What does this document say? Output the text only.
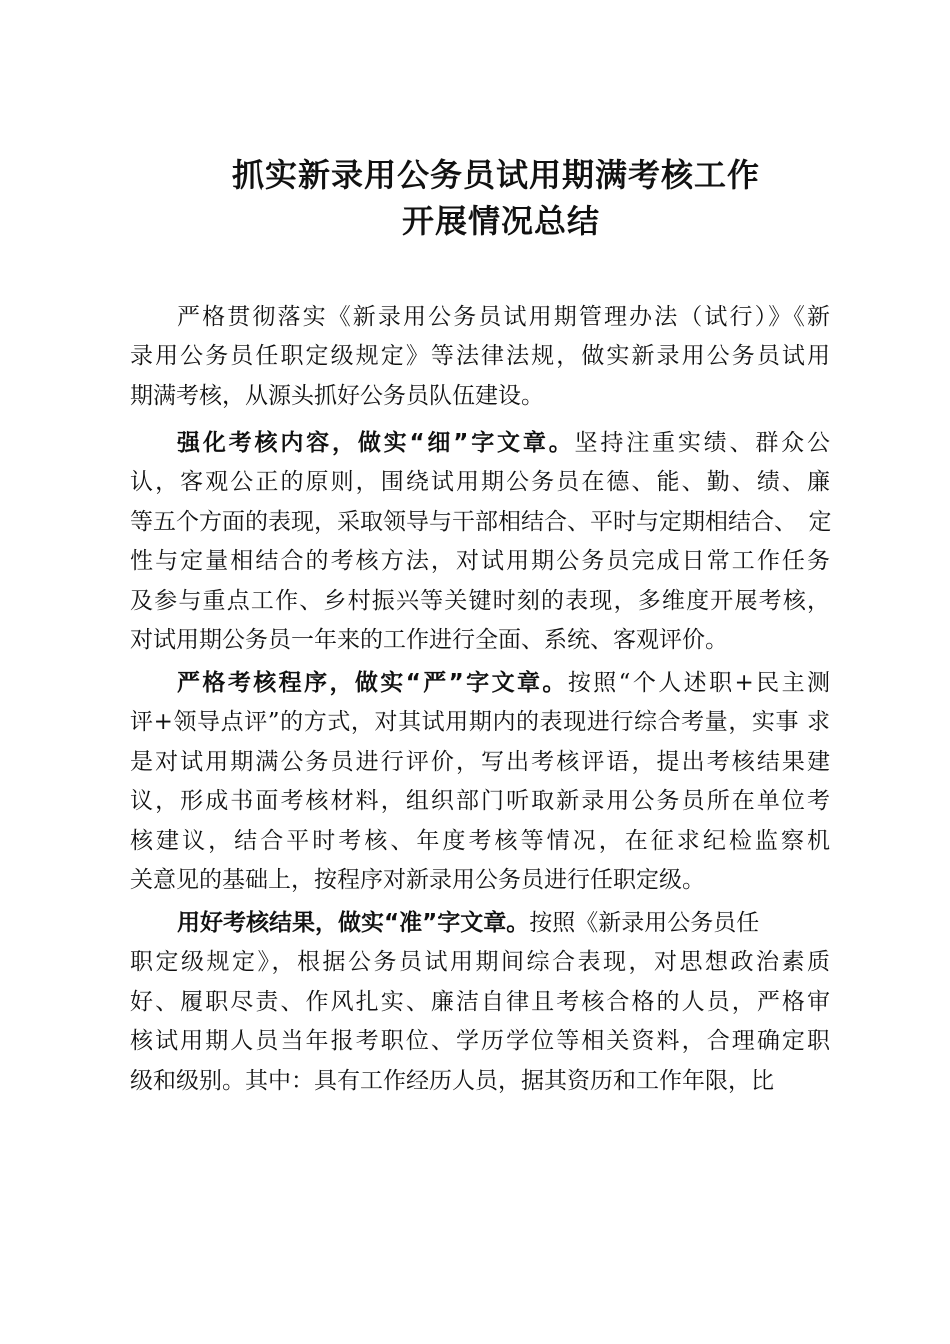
抓实新录用公务员试用期满考核工作
开展情况总结
严格贯彻落实《新录用公务员试用期管理办法（试行）》《新
录用公务员任职定级规定》等法律法规，做实新录用公务员试用
期满考核，从源头抓好公务员队伍建设。
强化考核内容，做实“细”字文章。坚持注重实绩、群众公
认，客观公正的原则，围绕试用期公务员在德、能、勤、绩、廉
等五个方面的表现，采取领导与干部相结合、平时与定期相结合、　定
性与定量相结合的考核方法，对试用期公务员完成日常工作任务
及参与重点工作、乡村振兴等关键时刻的表现，多维度开展考核，
对试用期公务员一年来的工作进行全面、系统、客观评价。
严格考核程序，做实“严”字文章。按照“个人述职+民主测
评+领导点评”的方式，对其试用期内的表现进行综合考量，实事 求
是对试用期满公务员进行评价，写出考核评语，提出考核结果建
议，形成书面考核材料，组织部门听取新录用公务员所在单位考
核建议，结合平时考核、年度考核等情况，在征求纪检监察机
关意见的基础上，按程序对新录用公务员进行任职定级。
用好考核结果，做实“准”字文章。按照《新录用公务员任
职定级规定》，根据公务员试用期间综合表现，对思想政治素质
好、履职尽责、作风扎实、廉洁自律且考核合格的人员，严格审
核试用期人员当年报考职位、学历学位等相关资料，合理确定职
级和级别。其中：具有工作经历人员，据其资历和工作年限，比
